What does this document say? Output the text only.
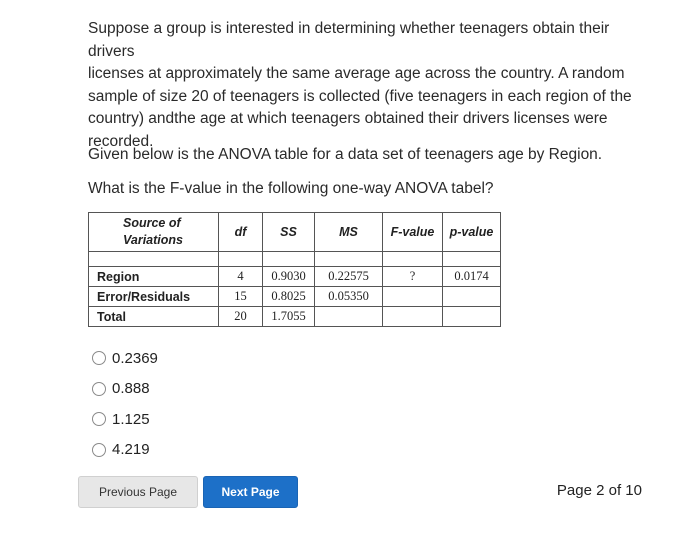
Suppose a group is interested in determining whether teenagers obtain their drivers
licenses at approximately the same average age across the country. A random
sample of size 20 of teenagers is collected (five teenagers in each region of the
country) andthe age at which teenagers obtained their drivers licenses were
recorded.
Given below is the ANOVA table for a data set of teenagers age by Region.
What is the F-value in the following one-way ANOVA tabel?
Source of
Variations	df	SS	MS	F-value	p-value

Region	4	0.9030	0.22575	?	0.0174
Error/Residuals	15	0.8025	0.05350		
Total	20	1.7055			
0.2369
0.888
1.125
4.219
Previous Page	Next Page	Page 2 of 10
